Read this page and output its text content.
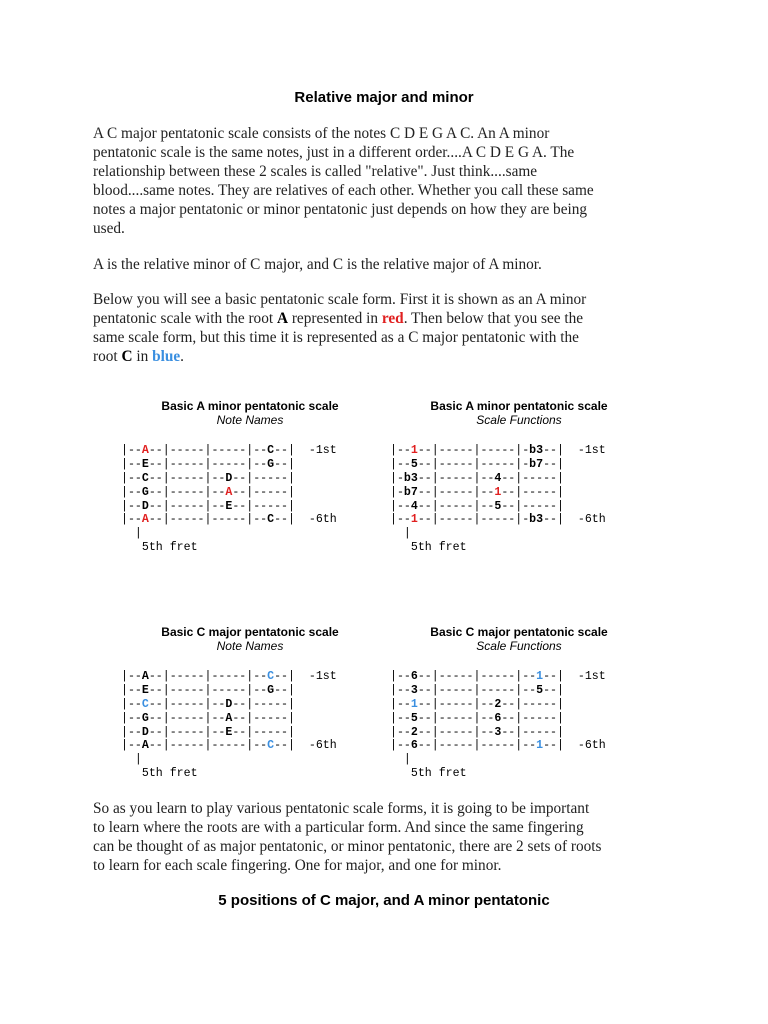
Relative major and minor
A C major pentatonic scale consists of the notes C D E G A C. An A minor
pentatonic scale is the same notes, just in a different order....A C D E G A. The
relationship between these 2 scales is called "relative". Just think....same
blood....same notes. They are relatives of each other. Whether you call these same
notes a major pentatonic or minor pentatonic just depends on how they are being
used.
A is the relative minor of C major, and C is the relative major of A minor.
Below you will see a basic pentatonic scale form. First it is shown as an A minor
pentatonic scale with the root A represented in red. Then below that you see the
same scale form, but this time it is represented as a C major pentatonic with the
root C in blue.
Basic A minor pentatonic scale
Note Names
|--A--|-----|-----|--C--|  -1st
|--E--|-----|-----|--G--|
|--C--|-----|--D--|-----|
|--G--|-----|--A--|-----|
|--D--|-----|--E--|-----|
|--A--|-----|-----|--C--|  -6th
|
5th fret
Basic A minor pentatonic scale
Scale Functions
|--1--|-----|-----|-b3--|  -1st
|--5--|-----|-----|-b7--|
|-b3--|-----|--4--|-----|
|-b7--|-----|--1--|-----|
|--4--|-----|--5--|-----|
|--1--|-----|-----|-b3--|  -6th
|
5th fret
Basic C major pentatonic scale
Note Names
|--A--|-----|-----|--C--|  -1st
|--E--|-----|-----|--G--|
|--C--|-----|--D--|-----|
|--G--|-----|--A--|-----|
|--D--|-----|--E--|-----|
|--A--|-----|-----|--C--|  -6th
|
5th fret
Basic C major pentatonic scale
Scale Functions
|--6--|-----|-----|--1--|  -1st
|--3--|-----|-----|--5--|
|--1--|-----|--2--|-----|
|--5--|-----|--6--|-----|
|--2--|-----|--3--|-----|
|--6--|-----|-----|--1--|  -6th
|
5th fret
So as you learn to play various pentatonic scale forms, it is going to be important
to learn where the roots are with a particular form. And since the same fingering
can be thought of as major pentatonic, or minor pentatonic, there are 2 sets of roots
to learn for each scale fingering. One for major, and one for minor.
5 positions of C major, and A minor pentatonic
